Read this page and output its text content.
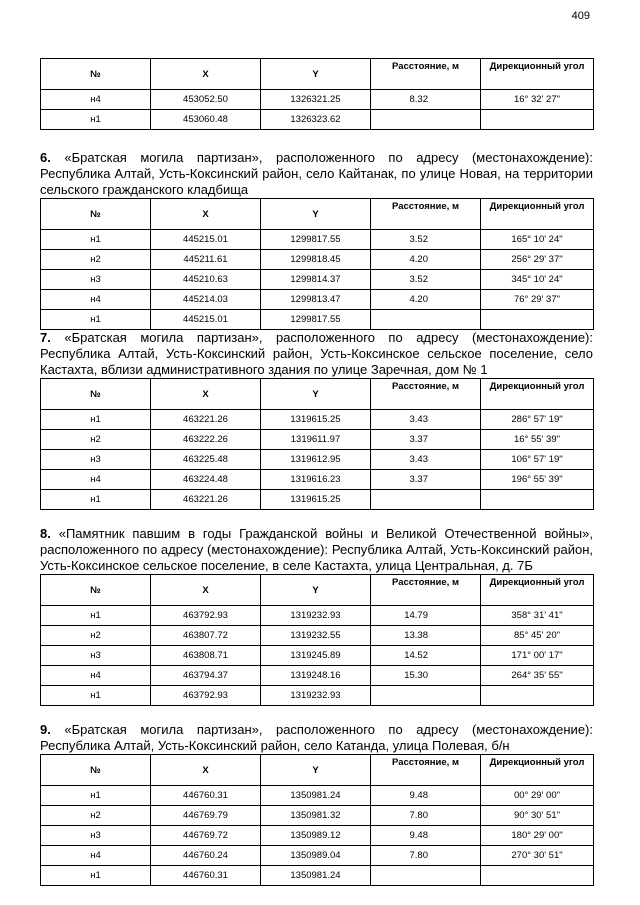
409
№	X	Y	Расстояние, м	Дирекционный угол
н4	453052.50	1326321.25	8.32	16° 32' 27"
н1	453060.48	1326323.62		

6. «Братская могила партизан», расположенного по адресу (местонахождение): Республика Алтай, Усть-Коксинский район, село Кайтанак, по улице Новая, на территории сельского гражданского кладбища

№	X	Y	Расстояние, м	Дирекционный угол
н1	445215.01	1299817.55	3.52	165° 10' 24"
н2	445211.61	1299818.45	4.20	256° 29' 37"
н3	445210.63	1299814.37	3.52	345° 10' 24"
н4	445214.03	1299813.47	4.20	76° 29' 37"
н1	445215.01	1299817.55		

7. «Братская могила партизан», расположенного по адресу (местонахождение): Республика Алтай, Усть-Коксинский район, Усть-Коксинское сельское поселение, село Кастахта, вблизи административного здания по улице Заречная, дом № 1

№	X	Y	Расстояние, м	Дирекционный угол
н1	463221.26	1319615.25	3.43	286° 57' 19"
н2	463222.26	1319611.97	3.37	16° 55' 39"
н3	463225.48	1319612.95	3.43	106° 57' 19"
н4	463224.48	1319616.23	3.37	196° 55' 39"
н1	463221.26	1319615.25		

8. «Памятник павшим в годы Гражданской войны и Великой Отечественной войны», расположенного по адресу (местонахождение): Республика Алтай, Усть-Коксинский район, Усть-Коксинское сельское поселение, в селе Кастахта, улица Центральная, д. 7Б

№	X	Y	Расстояние, м	Дирекционный угол
н1	463792.93	1319232.93	14.79	358° 31' 41"
н2	463807.72	1319232.55	13.38	85° 45' 20"
н3	463808.71	1319245.89	14.52	171° 00' 17"
н4	463794.37	1319248.16	15.30	264° 35' 55"
н1	463792.93	1319232.93		

9. «Братская могила партизан», расположенного по адресу (местонахождение): Республика Алтай, Усть-Коксинский район, село Катанда, улица Полевая, б/н

№	X	Y	Расстояние, м	Дирекционный угол
н1	446760.31	1350981.24	9.48	00° 29' 00"
н2	446769.79	1350981.32	7.80	90° 30' 51"
н3	446769.72	1350989.12	9.48	180° 29' 00"
н4	446760.24	1350989.04	7.80	270° 30' 51"
н1	446760.31	1350981.24		
